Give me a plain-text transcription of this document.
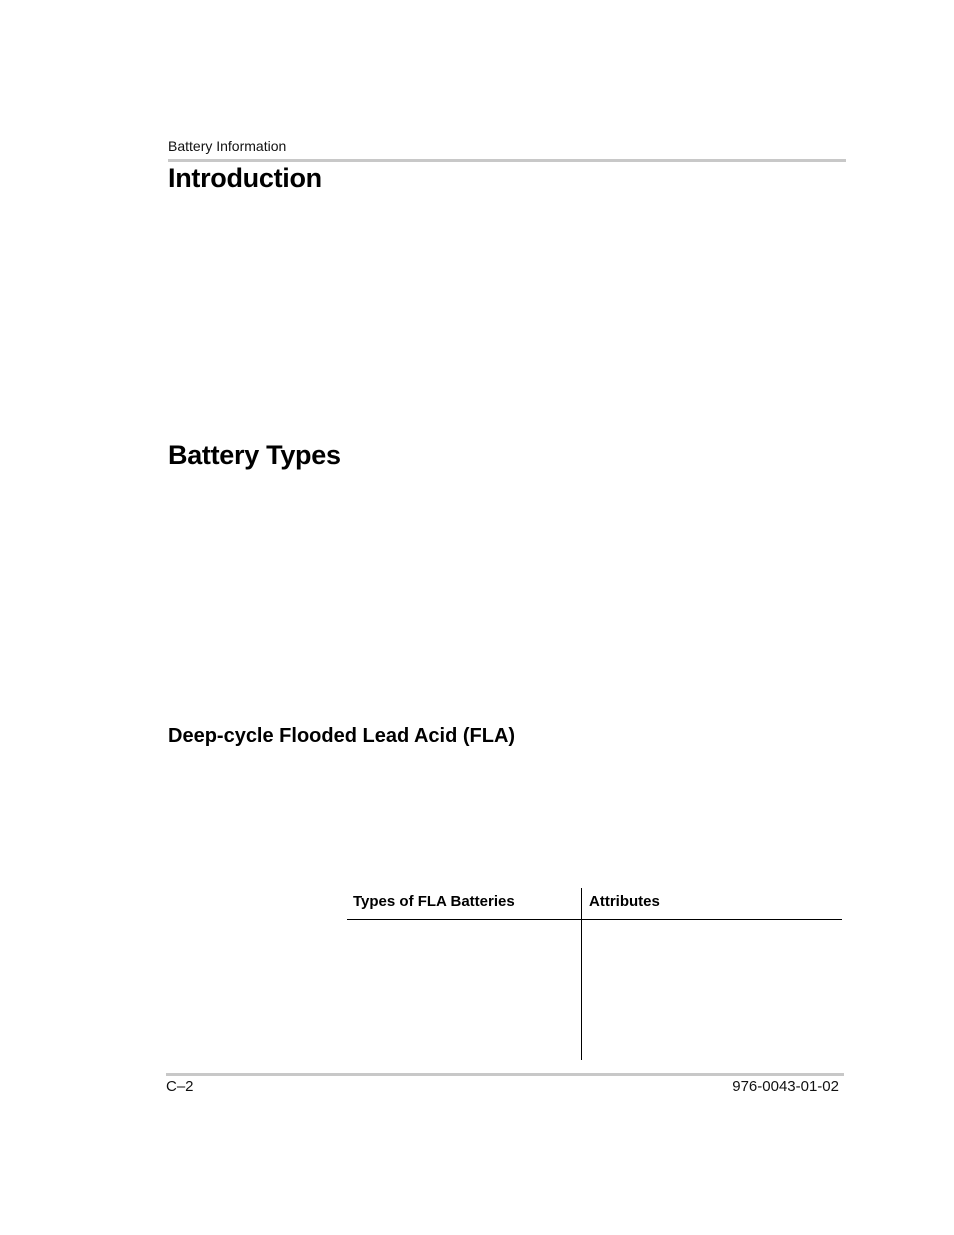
Battery Information
Introduction
Battery Types
Deep-cycle Flooded Lead Acid (FLA)
Types of FLA Batteries	Attributes
C–2	976-0043-01-02
